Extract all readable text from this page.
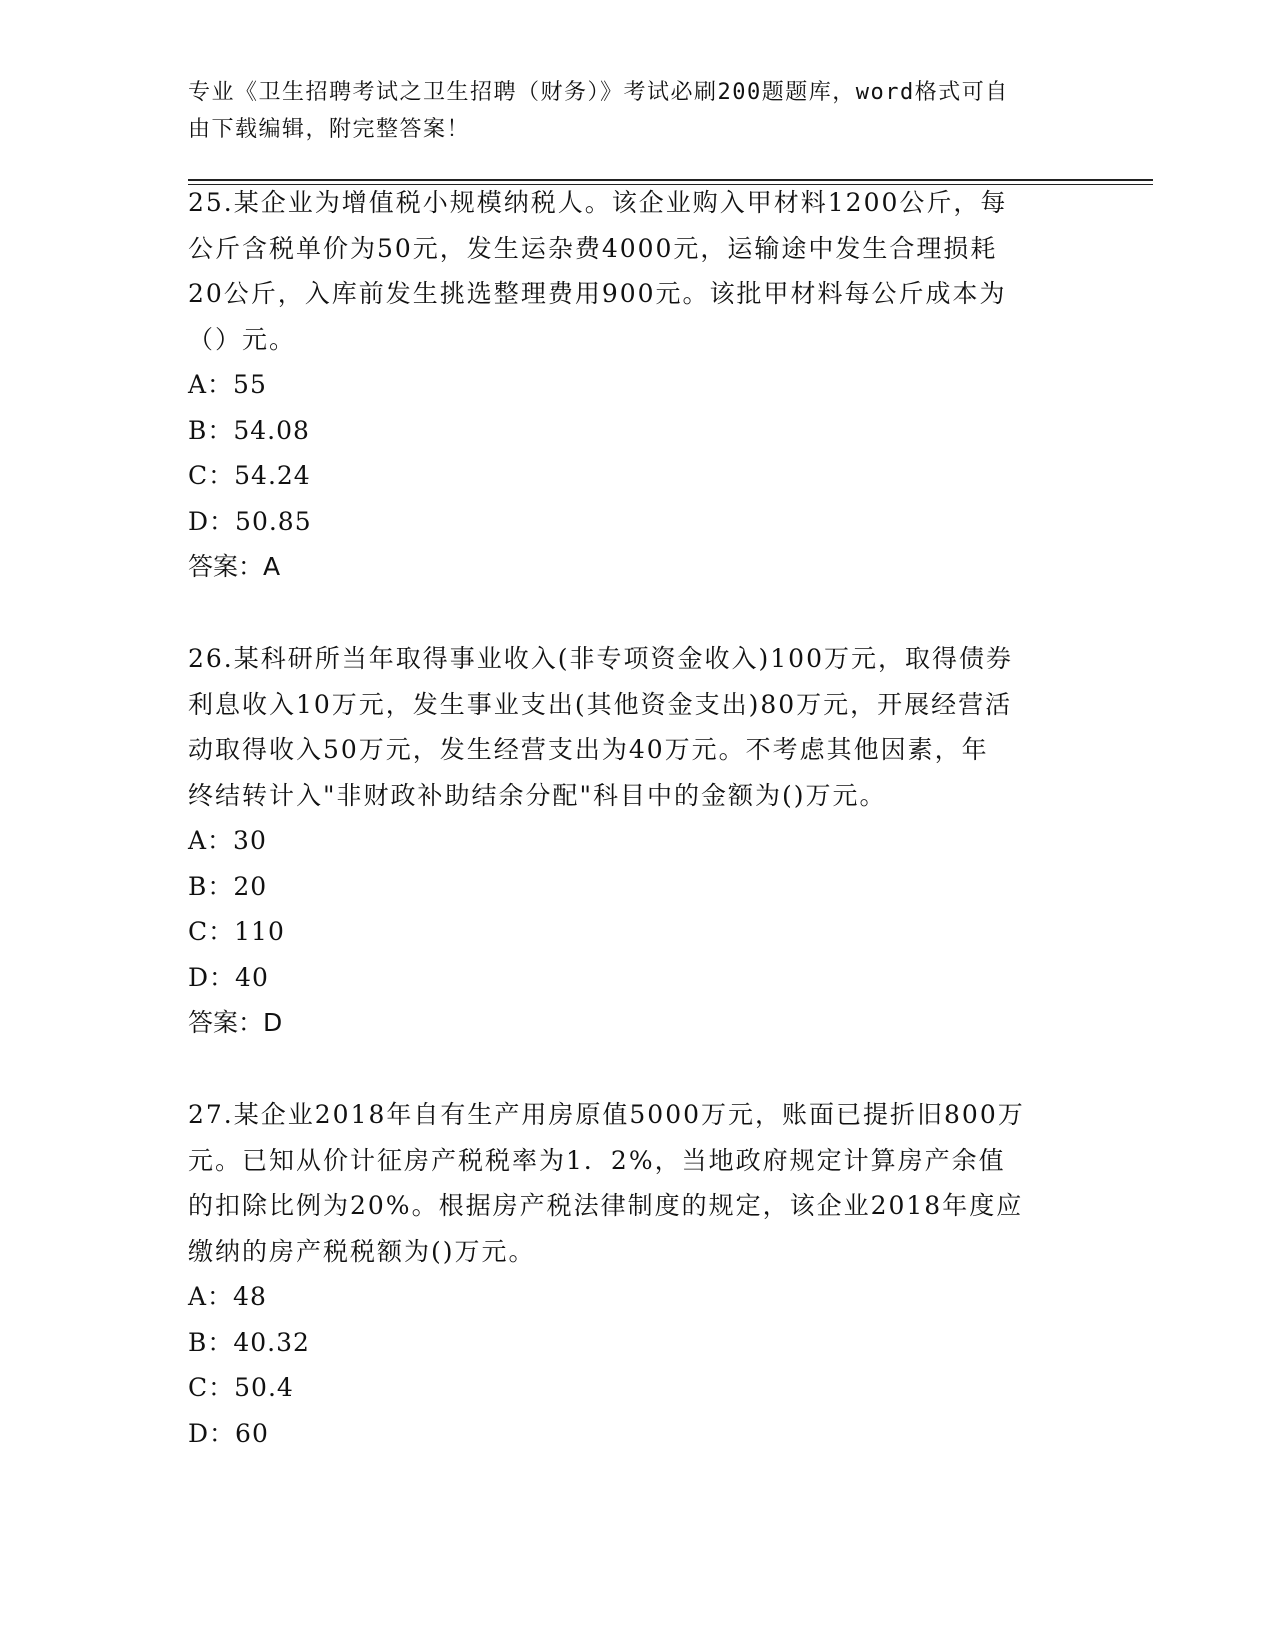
专业《卫生招聘考试之卫生招聘（财务）》考试必刷200题题库，word格式可自
由下载编辑，附完整答案！

25.某企业为增值税小规模纳税人。该企业购入甲材料1200公斤，每

公斤含税单价为50元，发生运杂费4000元，运输途中发生合理损耗

20公斤，入库前发生挑选整理费用900元。该批甲材料每公斤成本为

（）元。

A：55

B：54.08

C：54.24

D：50.85

答案：A

26.某科研所当年取得事业收入(非专项资金收入)100万元，取得债券

利息收入10万元，发生事业支出(其他资金支出)80万元，开展经营活

动取得收入50万元，发生经营支出为40万元。不考虑其他因素，年

终结转计入"非财政补助结余分配"科目中的金额为()万元。

A：30

B：20

C：110

D：40

答案：D

27.某企业2018年自有生产用房原值5000万元，账面已提折旧800万

元。已知从价计征房产税税率为1．2%，当地政府规定计算房产余值

的扣除比例为20%。根据房产税法律制度的规定，该企业2018年度应

缴纳的房产税税额为()万元。

A：48

B：40.32

C：50.4

D：60
